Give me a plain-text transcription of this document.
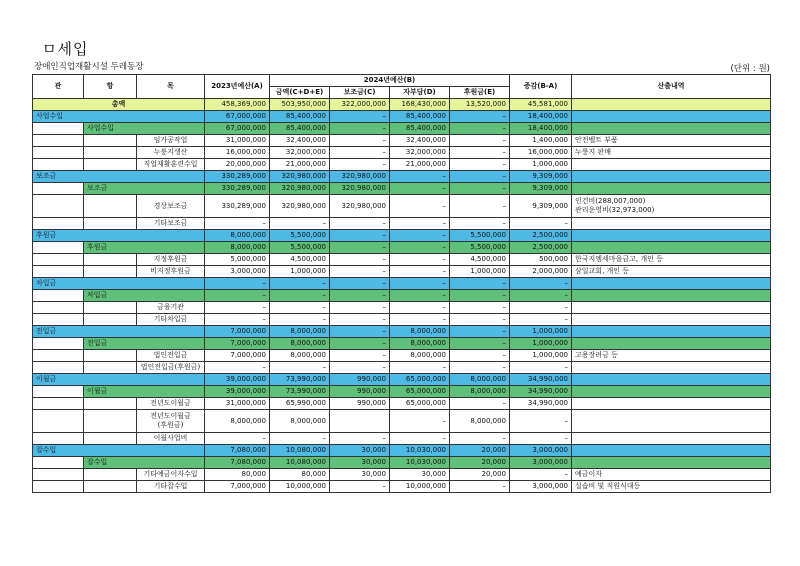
ㅁ세입
장애인직업재활시설 두레동장	(단위 : 원)
관	항	목	2023년예산(A)	2024년예산(B)				증감(B-A)	산출내역
				금액(C+D+E)	보조금(C)	자부담(D)	후원금(E)		
총액			458,369,000	503,950,000	322,000,000	168,430,000	13,520,000	45,581,000	
사업수입			67,000,000	85,400,000	–	85,400,000	–	18,400,000	
	사업수입		67,000,000	85,400,000	–	85,400,000	–	18,400,000	

		임가공작업	31,000,000	32,400,000	–	32,400,000	–	1,400,000	안전벨트 부품

		누룽지생산	16,000,000	32,000,000	–	32,000,000	–	16,000,000	누룽지 판매

		직업재활훈련수입	20,000,000	21,000,000	–	21,000,000	–	1,000,000	

보조금			330,289,000	320,980,000	320,980,000	–	–	9,309,000	
	보조금		330,289,000	320,980,000	320,980,000	–	–	9,309,000	

		경상보조금	330,289,000	320,980,000	320,980,000	–	–	9,309,000	인건비(288,007,000)
관리운영비(32,973,000)

		기타보조금	–	–	–	–	–	–	

후원금			8,000,000	5,500,000	–	–	5,500,000	2,500,000	
	후원금		8,000,000	5,500,000	–	–	5,500,000	2,500,000	

		지정후원금	5,000,000	4,500,000	–	–	4,500,000	500,000	한국지엠세마을금고, 개인 등

		비지정후원금	3,000,000	1,000,000	–	–	1,000,000	2,000,000	삼일교회, 개인 등

차입금			–	–	–	–	–	–	
	차입금		–	–	–	–	–	–	

		금융기관	–	–	–	–	–	–	

		기타차입금	–	–	–	–	–	–	

전입금			7,000,000	8,000,000	–	8,000,000	–	1,000,000	
	전입금		7,000,000	8,000,000	–	8,000,000	–	1,000,000	

		법인전입금	7,000,000	8,000,000	–	8,000,000	–	1,000,000	고용장려금 등

		법인전입금(후원금)	–	–	–	–	–	–	

이월금			39,000,000	73,990,000	990,000	65,000,000	8,000,000	34,990,000	
	이월금		39,000,000	73,990,000	990,000	65,000,000	8,000,000	34,990,000	

		전년도이월금	31,000,000	65,990,000	990,000	65,000,000	–	34,990,000	

		전년도이월금
(후원금)	8,000,000	8,000,000		–	8,000,000	–	

		이월사업비	–	–	–	–	–	–	

잡수입			7,080,000	10,080,000	30,000	10,030,000	20,000	3,000,000	
	잡수입		7,080,000	10,080,000	30,000	10,030,000	20,000	3,000,000	

		기타예금이자수입	80,000	80,000	30,000	30,000	20,000	–	예금이자

		기타잡수입	7,000,000	10,000,000	–	10,000,000	–	3,000,000	실습비 및 직원식대등
